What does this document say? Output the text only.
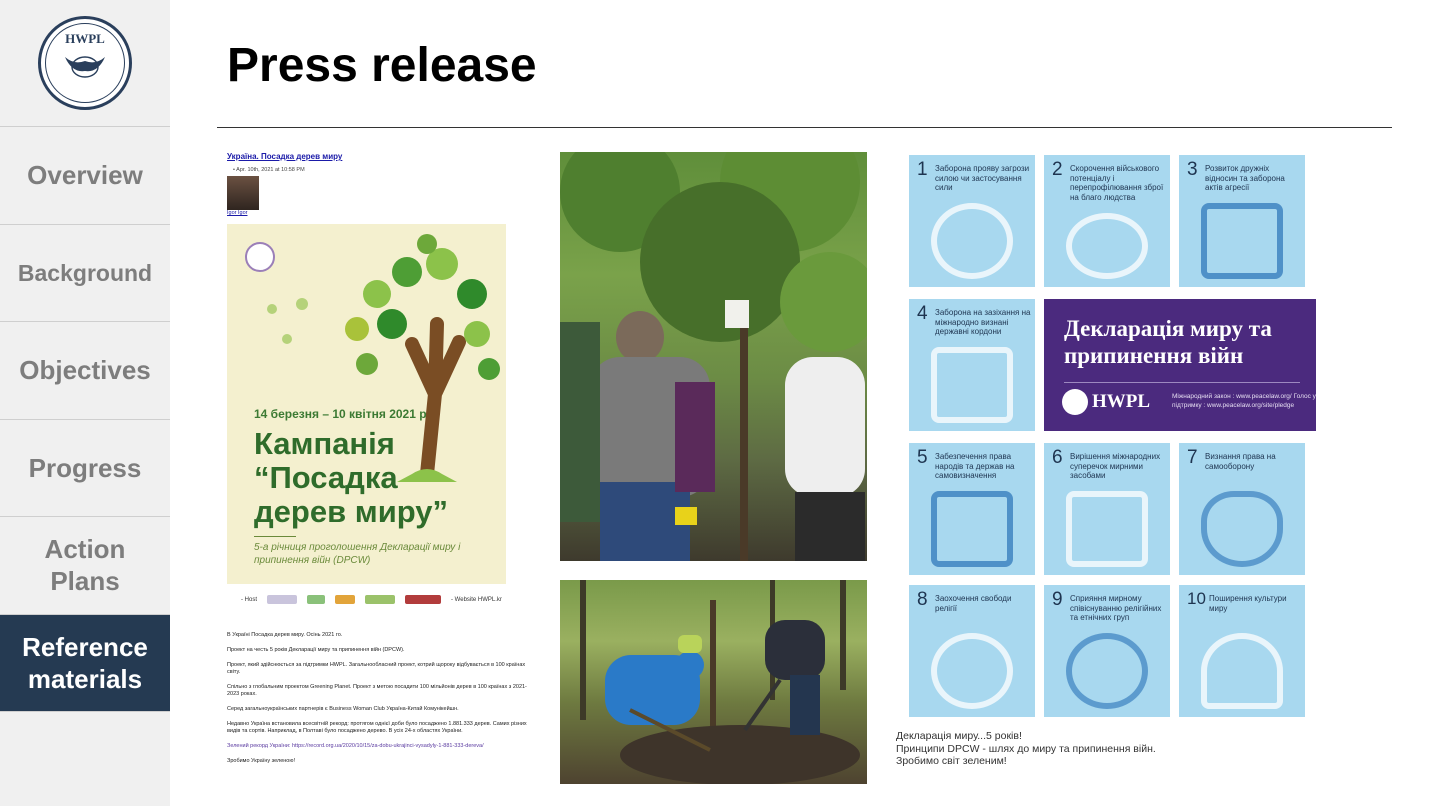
HWPL
Overview
Background
Objectives
Progress
Action Plans
Reference materials
Press release
Україна. Посадка дерев миру
• Apr. 10th, 2021 at 10:58 PM
Igor Igor
14 березня – 10 квітня 2021 р
Кампанія “Посадка дерев миру”
5-а річниця проголошення Декларації миру і припинення війн (DPCW)
- Host	- Website HWPL.kr

В Україні Посадка дерев миру. Осінь 2021 го.

Проект на честь 5 років Декларації миру та припинення війн (DPCW).

Проект, який здійснюється за підтримки HWPL. Загальнообласний проект, котрий щороку відбувається в 100 країнах світу.

Спільно з глобальним проектом Greening Planet. Проект з метою посадити 100 мільйонів дерев в 100 країнах з 2021-2023 роках.

Серед загальноукраїнських партнерів є Business Woman Club Україна-Китай Комунікейшн.

Недавно Україна встановила всесвітній рекорд: протягом однієї доби було посаджено 1.881.333 дерев. Самих різних видів та сортів. Наприклад, в Полтаві було посаджено дерево. В усіх 24-х областях України.

Зелений рекорд України: https://record.org.ua/2020/10/15/za-dobu-ukrajinci-vysadyly-1-881-333-dereva/

Зробимо Україну зеленою!

1 Заборона прояву загрози силою чи застосування сили
2 Скорочення військового потенціалу і перепрофілювання зброї на благо людства
3 Розвиток дружніх відносин та заборона актів агресії
4 Заборона на зазіхання на міжнародно визнані державні кордони	Декларація миру та припинення війн
HWPL	Міжнародний закон : www.peacelaw.org/ Голос у підтримку : www.peacelaw.org/site/pledge
5 Забезпечення права народів та держав на самовизначення
6 Вирішення міжнародних суперечок мирними засобами
7 Визнання права на самооборону
8 Заохочення свободи релігії	9 Сприяння мирному співіснуванню релігійних та етнічних груп
10 Поширення культури миру
Декларація миру...5 років!
Принципи DPCW - шлях до миру та припинення війн.
Зробимо світ зеленим!
